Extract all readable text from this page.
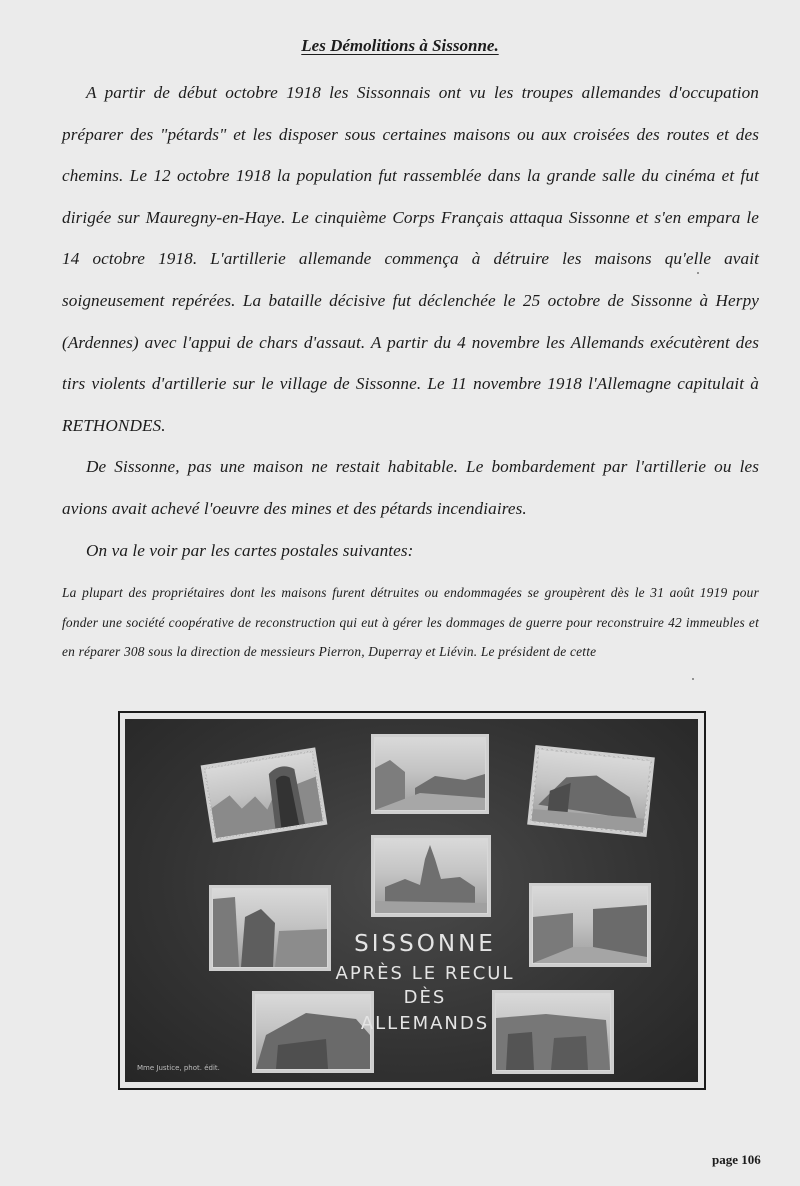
Les Démolitions à Sissonne.

A partir de début octobre 1918 les Sissonnais ont vu les troupes allemandes d'occupation préparer des "pétards" et les disposer sous certaines maisons ou aux croisées des routes et des chemins. Le 12 octobre 1918 la population fut rassemblée dans la grande salle du cinéma et fut dirigée sur Mauregny-en-Haye. Le cinquième Corps Français attaqua Sissonne et s'en empara le 14 octobre 1918. L'artillerie allemande commença à détruire les maisons qu'elle avait soigneusement repérées. La bataille décisive fut déclenchée le 25 octobre de Sissonne à Herpy (Ardennes) avec l'appui de chars d'assaut. A partir du 4 novembre les Allemands exécutèrent des tirs violents d'artillerie sur le village de Sissonne. Le 11 novembre 1918 l'Allemagne capitulait à RETHONDES.

De Sissonne, pas une maison ne restait habitable. Le bombardement par l'artillerie ou les avions avait achevé l'oeuvre des mines et des pétards incendiaires.

On va le voir par les cartes postales suivantes:

La plupart des propriétaires dont les maisons furent détruites ou endommagées se groupèrent dès le 31 août 1919 pour fonder une société coopérative de reconstruction qui eut à gérer les dommages de guerre pour reconstruire 42 immeubles et en réparer 308 sous la direction de messieurs Pierron, Duperray et Liévin. Le président de cette

SISSONNE
APRÈS LE RECUL
DÈS
ALLEMANDS
Mme Justice, phot. édit.
page 106
